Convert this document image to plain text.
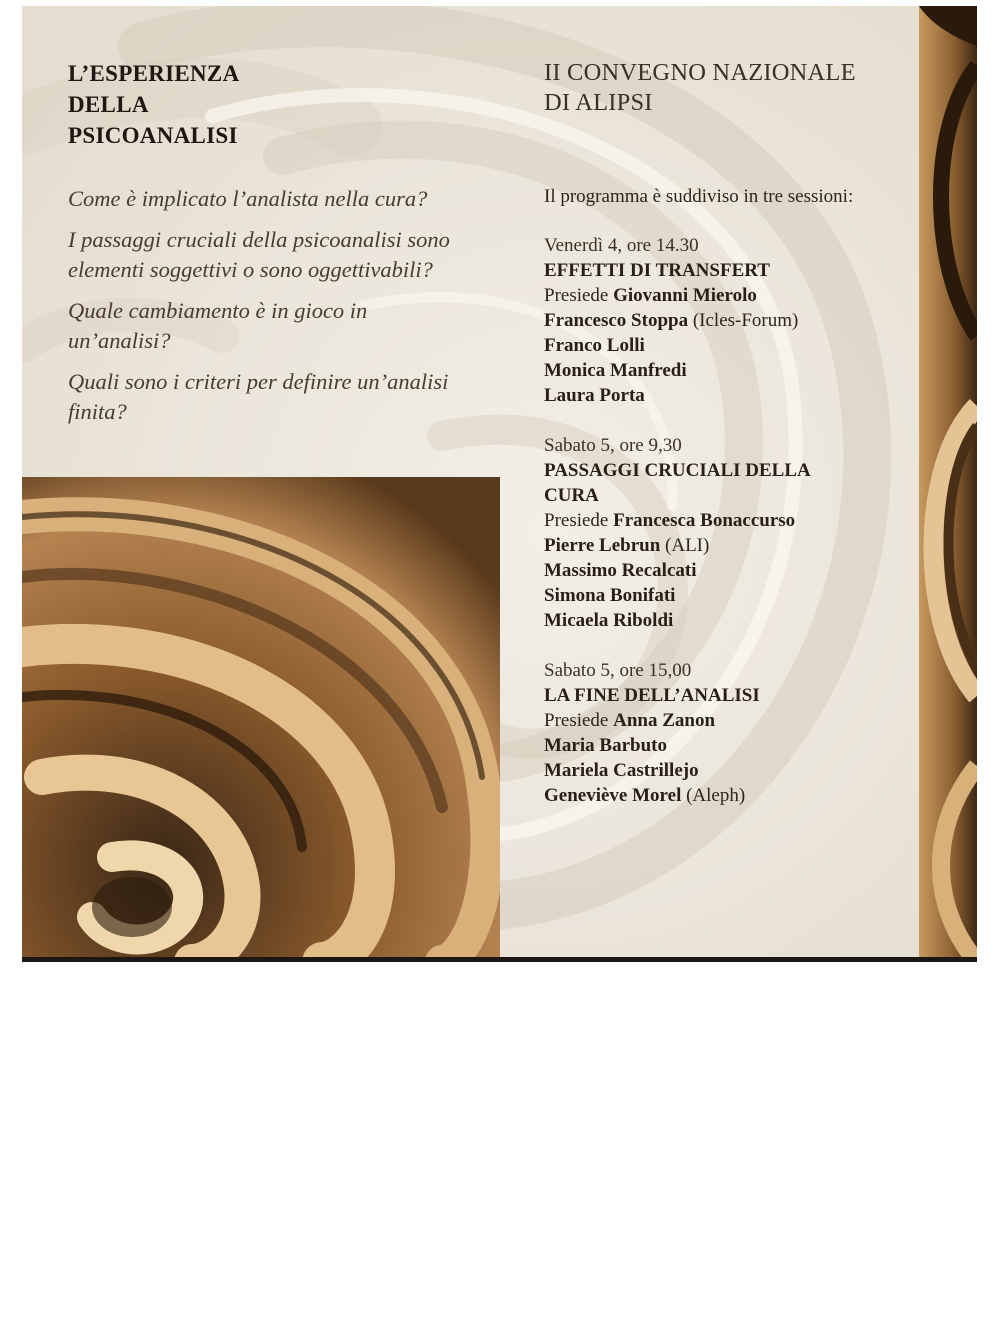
L’ESPERIENZA
DELLA
PSICOANALISI

Come è implicato l’analista nella cura?

I passaggi cruciali della psicoanalisi sono elementi soggettivi o sono oggettivabili?

Quale cambiamento è in gioco in un’analisi?

Quali sono i criteri per definire un’analisi finita?

II CONVEGNO NAZIONALE
DI ALIPSI
Il programma è suddiviso in tre sessioni:
Venerdì 4, ore 14.30
EFFETTI DI TRANSFERT
Presiede Giovanni Mierolo
Francesco Stoppa (Icles-Forum)
Franco Lolli
Monica Manfredi
Laura Porta
Sabato 5, ore 9,30
PASSAGGI CRUCIALI DELLA CURA
Presiede Francesca Bonaccurso
Pierre Lebrun (ALI)
Massimo Recalcati
Simona Bonifati
Micaela Riboldi
Sabato 5, ore 15,00
LA FINE DELL’ANALISI
Presiede Anna Zanon
Maria Barbuto
Mariela Castrillejo
Geneviève Morel (Aleph)
